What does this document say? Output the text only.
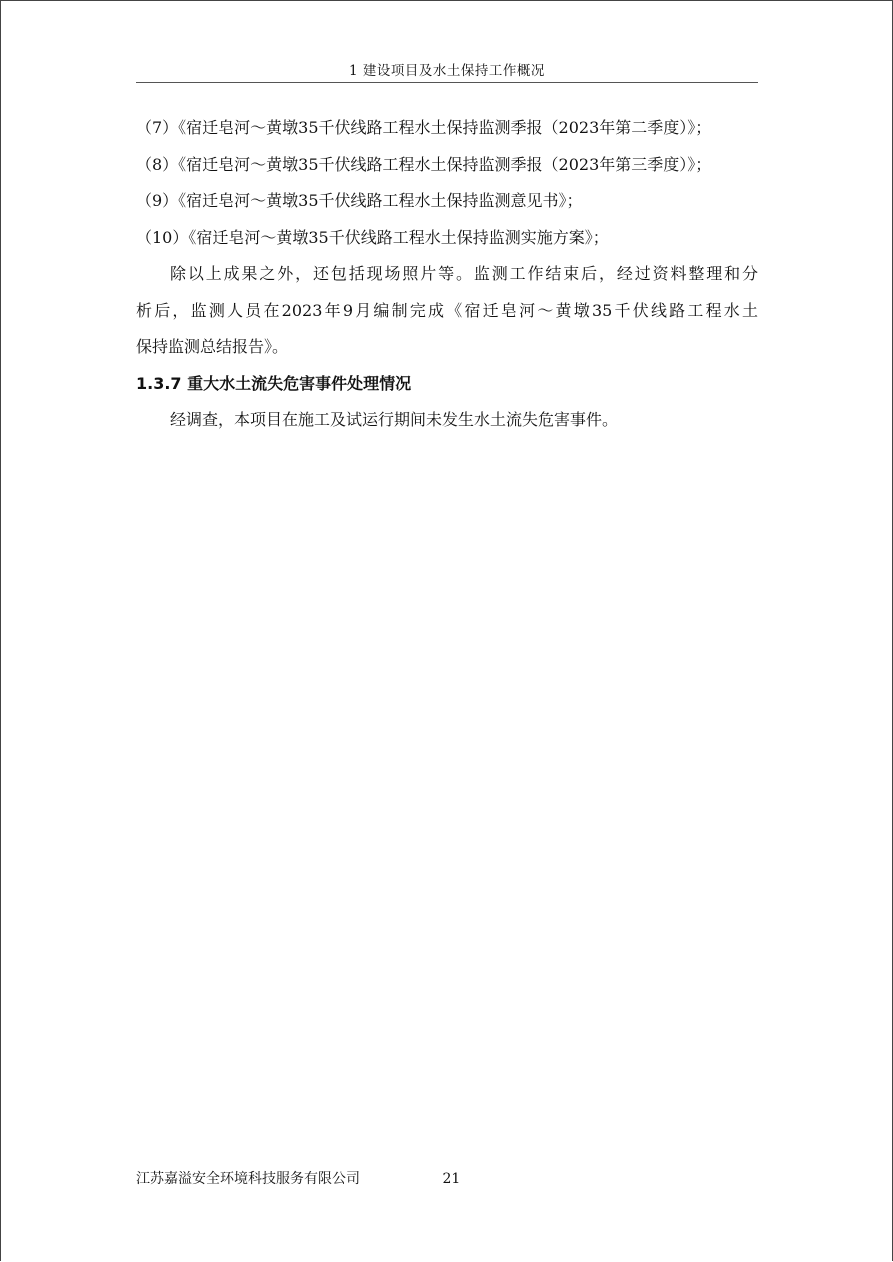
1 建设项目及水土保持工作概况
（7）《宿迁皂河～黄墩35千伏线路工程水土保持监测季报（2023年第二季度）》；
（8）《宿迁皂河～黄墩35千伏线路工程水土保持监测季报（2023年第三季度）》；
（9）《宿迁皂河～黄墩35千伏线路工程水土保持监测意见书》；
（10）《宿迁皂河～黄墩35千伏线路工程水土保持监测实施方案》；
除以上成果之外，还包括现场照片等。监测工作结束后，经过资料整理和分
析后，监测人员在2023年9月编制完成《宿迁皂河～黄墩35千伏线路工程水土
保持监测总结报告》。
1.3.7 重大水土流失危害事件处理情况
经调查，本项目在施工及试运行期间未发生水土流失危害事件。
江苏嘉溢安全环境科技服务有限公司	21
